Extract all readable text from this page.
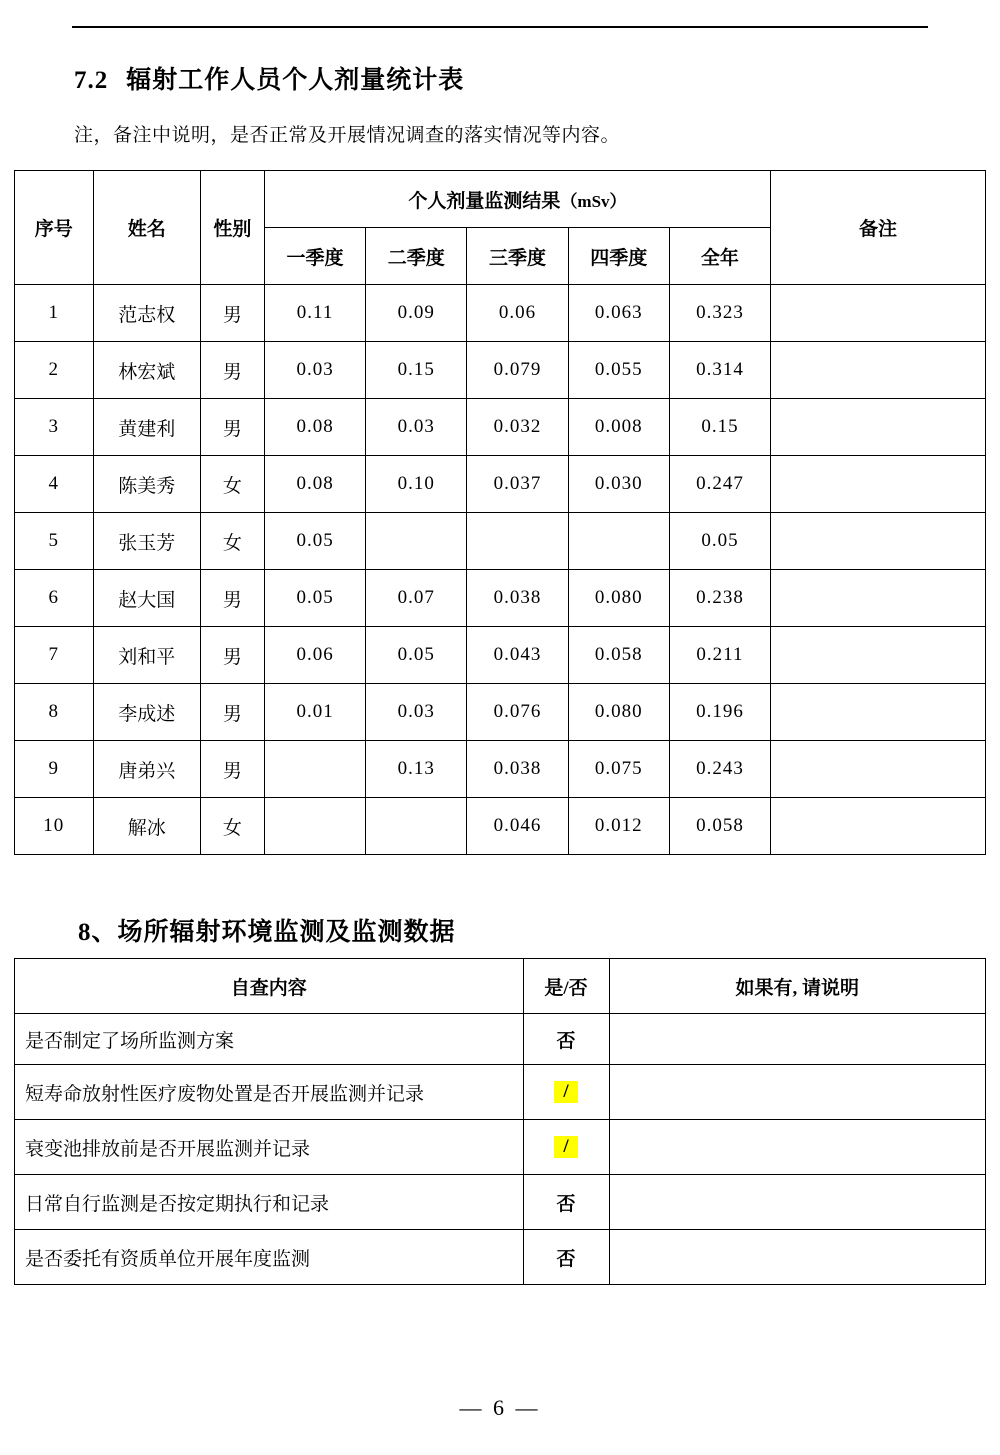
7.2 辐射工作人员个人剂量统计表
注，备注中说明，是否正常及开展情况调查的落实情况等内容。
序号	姓名	性别	个人剂量监测结果（mSv）					备注
			一季度	二季度	三季度	四季度	全年	
1	范志权	男	0.11	0.09	0.06	0.063	0.323	
2	林宏斌	男	0.03	0.15	0.079	0.055	0.314	
3	黄建利	男	0.08	0.03	0.032	0.008	0.15	
4	陈美秀	女	0.08	0.10	0.037	0.030	0.247	
5	张玉芳	女	0.05				0.05	
6	赵大国	男	0.05	0.07	0.038	0.080	0.238	
7	刘和平	男	0.06	0.05	0.043	0.058	0.211	
8	李成述	男	0.01	0.03	0.076	0.080	0.196	
9	唐弟兴	男		0.13	0.038	0.075	0.243	
10	解冰	女			0.046	0.012	0.058	
8、场所辐射环境监测及监测数据
自查内容	是/否	如果有, 请说明
是否制定了场所监测方案	否	
短寿命放射性医疗废物处置是否开展监测并记录	/	
衰变池排放前是否开展监测并记录	/	
日常自行监测是否按定期执行和记录	否	
是否委托有资质单位开展年度监测	否	
— 6 —
